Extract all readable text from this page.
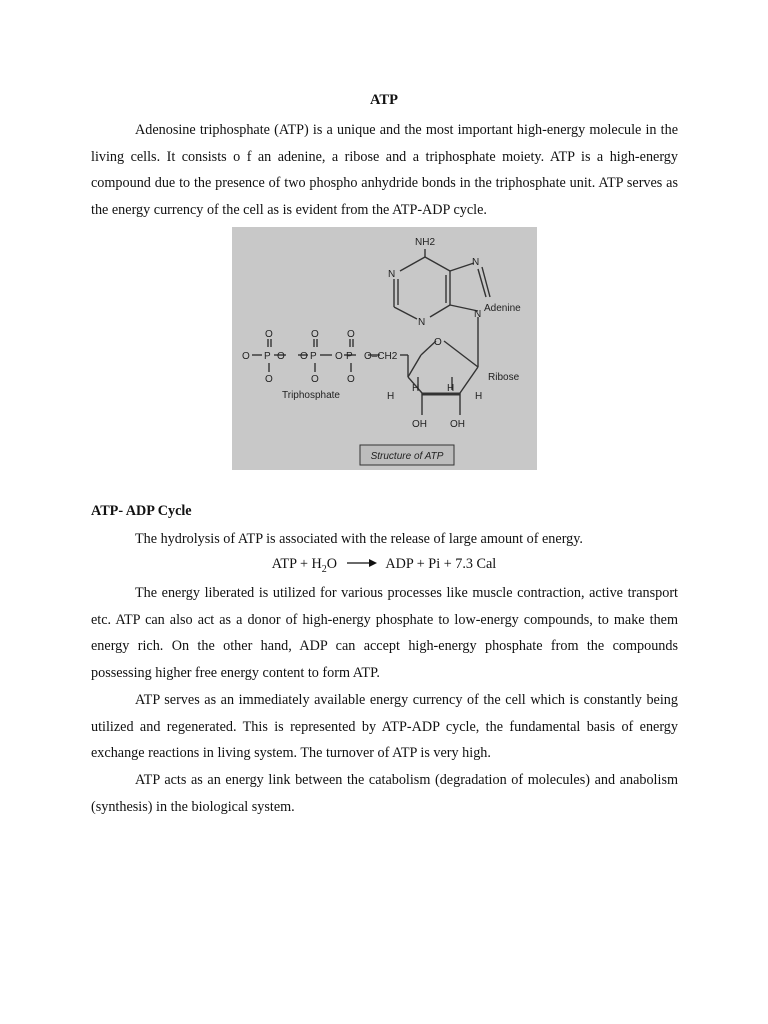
ATP

Adenosine triphosphate (ATP) is a unique and the most important high-energy molecule in the living cells. It consists o f an adenine, a ribose and a triphosphate moiety. ATP is a high-energy compound due to the presence of two phospho anhydride bonds in the triphosphate unit. ATP serves as the energy currency of the cell as is evident from the ATP-ADP cycle.

NH2
N
N
N
N
Adenine
O
Ribose
O–CH2
H
H	H
H
OH OH
Triphosphate
O P	P	P
O	O	O
O	O	O
O O	O
Structure of ATP
ATP- ADP Cycle

The hydrolysis of ATP is associated with the release of large amount of energy.

ATP + $H_2O$ → ADP + Pi + 7.3 Cal

The energy liberated is utilized for various processes like muscle contraction, active transport etc. ATP can also act as a donor of high-energy phosphate to low-energy compounds, to make them energy rich. On the other hand, ADP can accept high-energy phosphate from the compounds possessing higher free energy content to form ATP.

ATP serves as an immediately available energy currency of the cell which is constantly being utilized and regenerated. This is represented by ATP-ADP cycle, the fundamental basis of energy exchange reactions in living system. The turnover of ATP is very high.

ATP acts as an energy link between the catabolism (degradation of molecules) and anabolism (synthesis) in the biological system.
